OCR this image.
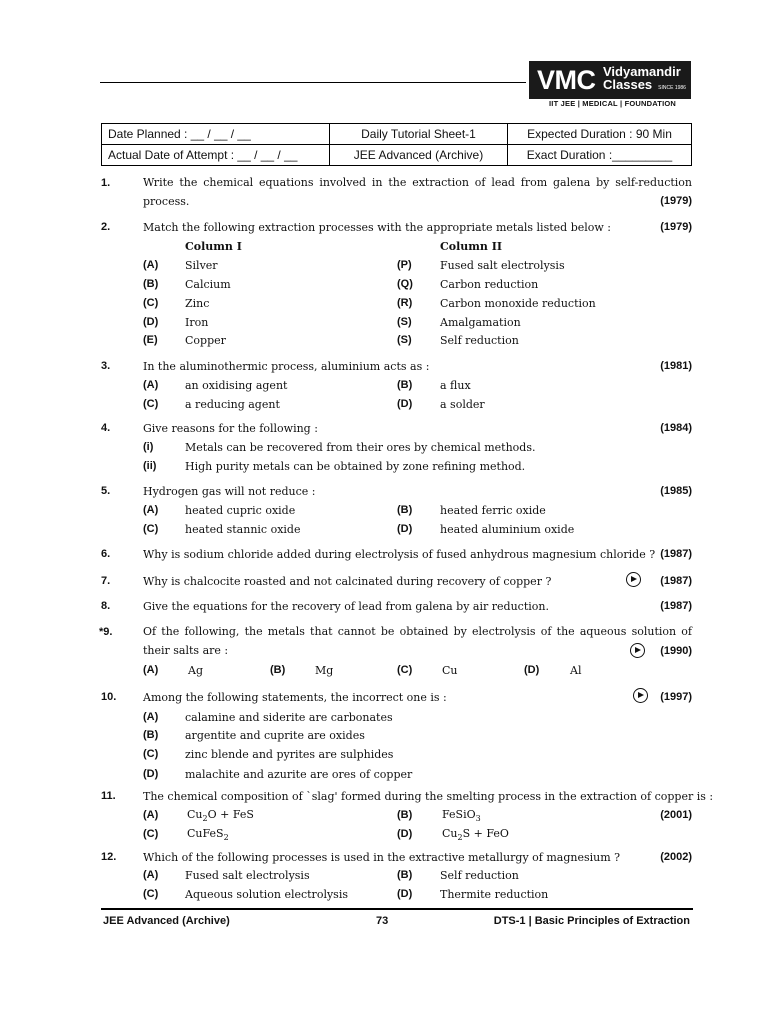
VMC Vidyamandir
Classes SINCE 1986
IIT JEE | MEDICAL | FOUNDATION
Date Planned : __ / __ / __	Daily Tutorial Sheet-1	Expected Duration : 90 Min
Actual Date of Attempt : __ / __ / __	JEE Advanced (Archive)	Exact Duration :_________
1.	Write the chemical equations involved in the extraction of lead from galena by self-reduction process.	(1979)
2.	Match the following extraction processes with the appropriate metals listed below :	(1979)
Column I	Column II
(A) Silver	(P)	Fused salt electrolysis
(B) Calcium	(Q) Carbon reduction
(C) Zinc	(R)	Carbon monoxide reduction
(D) Iron	(S)	Amalgamation
(E) Copper	(S)	Self reduction
3.	In the aluminothermic process, aluminium acts as :	(1981)
(A) an oxidising agent	(B)	a flux
(C) a reducing agent	(D)	a solder
4.	Give reasons for the following :	(1984)
(i)	Metals can be recovered from their ores by chemical methods.
(ii)	High purity metals can be obtained by zone refining method.
5.	Hydrogen gas will not reduce :	(1985)
(A) heated cupric oxide	(B)	heated ferric oxide
(C) heated stannic oxide	(D)	heated aluminium oxide
6.	Why is sodium chloride added during electrolysis of fused anhydrous magnesium chloride ? (1987)
7.	Why is chalcocite roasted and not calcinated during recovery of copper ?	(1987)
8.	Give the equations for the recovery of lead from galena by air reduction.	(1987)
*9.	Of the following, the metals that cannot be obtained by electrolysis of the aqueous solution of their salts are :	(1990)
(A)	Ag	(B)	Mg	(C)	Cu	(D)	Al
10. Among the following statements, the incorrect one is :	(1997)
(A) calamine and siderite are carbonates
(B) argentite and cuprite are oxides
(C) zinc blende and pyrites are sulphides
(D) malachite and azurite are ores of copper
11. The chemical composition of `slag' formed during the smelting process in the extraction of copper is :
(A)	$Cu_2O$ + FeS	(B)	FeSiO$_3$	(2001)
(C)	CuFeS$_2$	(D)	$Cu_2S$ + FeO
12. Which of the following processes is used in the extractive metallurgy of magnesium ?	(2002)
(A) Fused salt electrolysis	(B)	Self reduction
(C) Aqueous solution electrolysis	(D)	Thermite reduction
JEE Advanced (Archive)	73	DTS-1 | Basic Principles of Extraction
